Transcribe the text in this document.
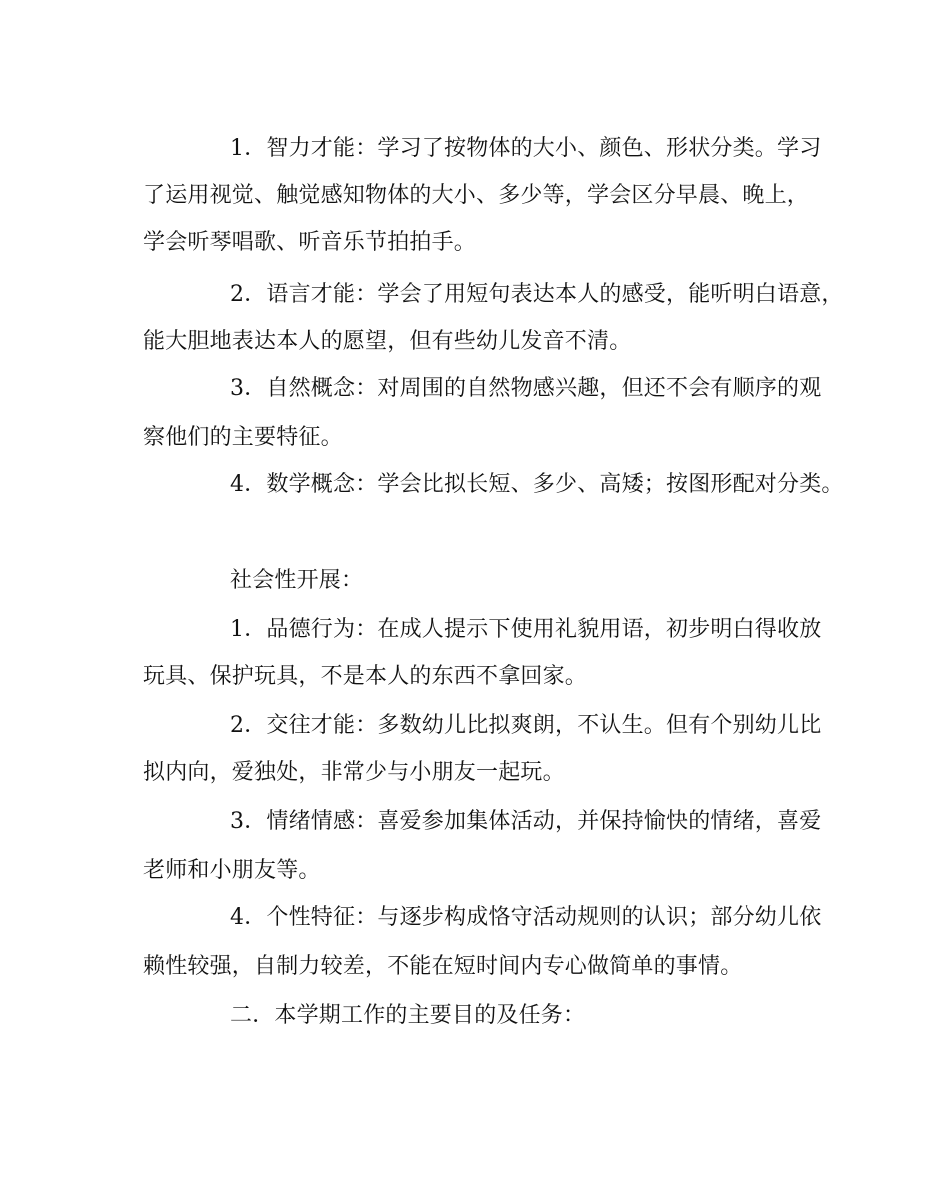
1．智力才能：学习了按物体的大小、颜色、形状分类。学习
了运用视觉、触觉感知物体的大小、多少等，学会区分早晨、晚上，
学会听琴唱歌、听音乐节拍拍手。
2．语言才能：学会了用短句表达本人的感受，能听明白语意，
能大胆地表达本人的愿望，但有些幼儿发音不清。
3．自然概念：对周围的自然物感兴趣，但还不会有顺序的观
察他们的主要特征。
4．数学概念：学会比拟长短、多少、高矮；按图形配对分类。
社会性开展：
1．品德行为：在成人提示下使用礼貌用语，初步明白得收放
玩具、保护玩具，不是本人的东西不拿回家。
2．交往才能：多数幼儿比拟爽朗，不认生。但有个别幼儿比
拟内向，爱独处，非常少与小朋友一起玩。
3．情绪情感：喜爱参加集体活动，并保持愉快的情绪，喜爱
老师和小朋友等。
4．个性特征：与逐步构成恪守活动规则的认识；部分幼儿依
赖性较强，自制力较差，不能在短时间内专心做简单的事情。
二．本学期工作的主要目的及任务：
